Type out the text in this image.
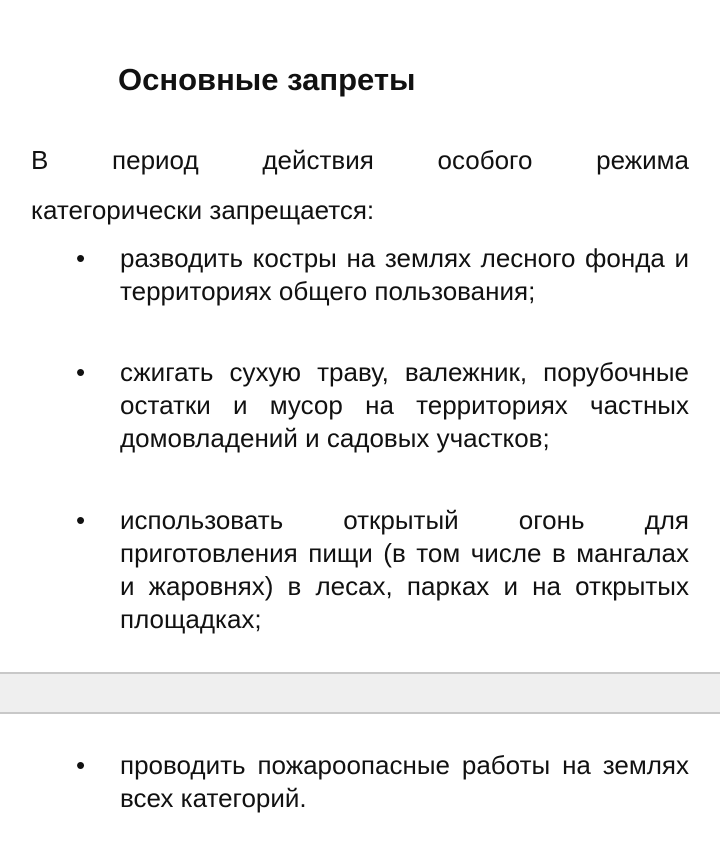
Основные запреты
В период действия особого режима
категорически запрещается:
• разводить костры на землях лесного фонда и территориях общего пользования;

• сжигать сухую траву, валежник, порубочные остатки и мусор на территориях частных домовладений и садовых участков;

• использовать открытый огонь для приготовления пищи (в том числе в мангалах и жаровнях) в лесах, парках и на открытых площадках;

• проводить пожароопасные работы на землях всех категорий.
